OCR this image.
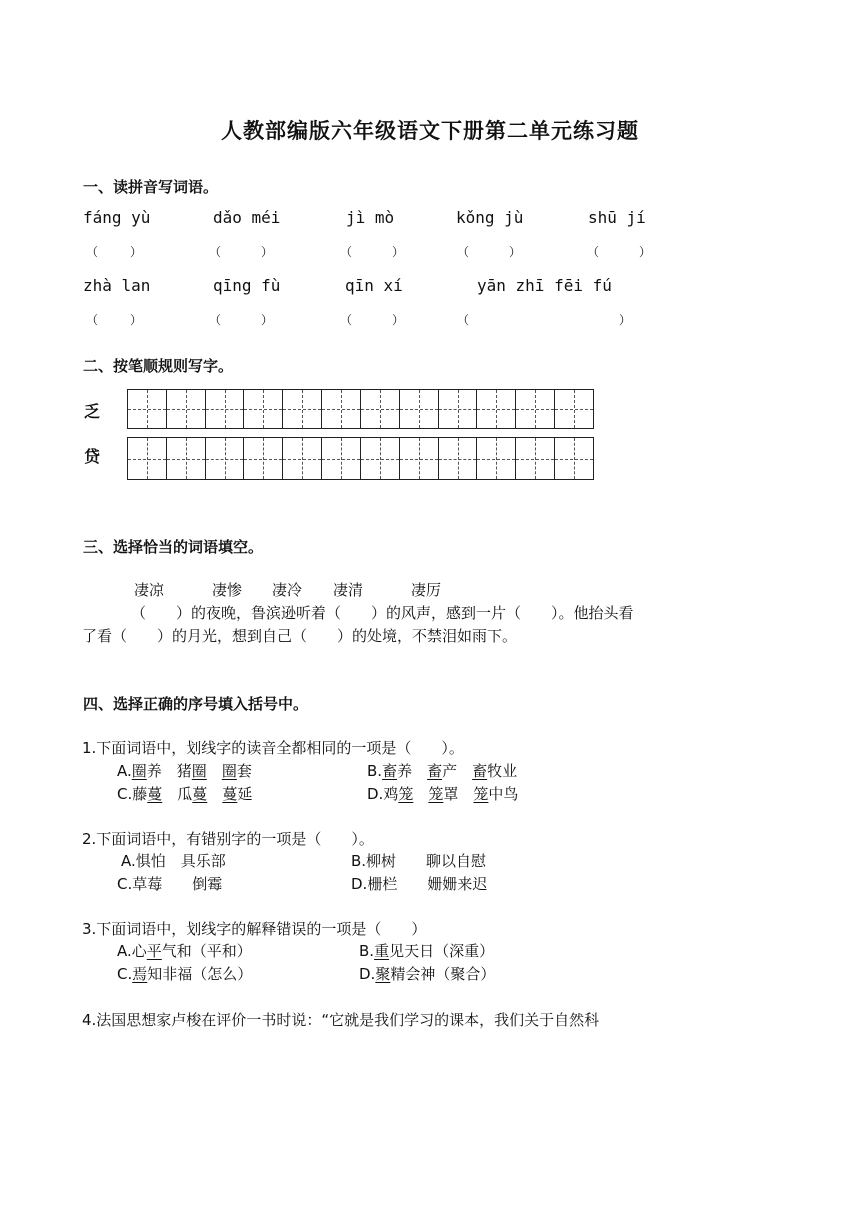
人教部编版六年级语文下册第二单元练习题
一、读拼音写词语。
fáng yù	dǎo méi	jì mò	kǒng jù	shū jí
（	）	（	）	（	）	（	）	（	）
zhà lan	qīng fù	qīn xí	yān zhī fēi fú
（	）	（	）	（	）	（	）
二、按笔顺规则写字。
乏
贷
三、选择恰当的词语填空。
凄凉	凄惨 凄冷 凄清	凄厉
（　　）的夜晚，鲁滨逊听着（　　）的风声，感到一片（　　）。他抬头看
了看（　　）的月光，想到自己（　　）的处境，不禁泪如雨下。
四、选择正确的序号填入括号中。
1.下面词语中，划线字的读音全都相同的一项是（　　）。
A.圈养　猪圈　 圈套	B.畜养　畜产　畜牧业
C.藤蔓　瓜蔓　 蔓延	D.鸡笼　 笼罩　笼中鸟
2.下面词语中，有错别字的一项是（　　）。
A.惧怕　具乐部	B.柳树　　聊以自慰
C.草莓　　倒霉	D.栅栏　　姗姗来迟
3.下面词语中，划线字的解释错误的一项是（　　）
A.心平气和（平和）	B.重见天日（深重）
C.焉知非福（怎么）	D.聚精会神（聚合）
4.法国思想家卢梭在评价一书时说：“它就是我们学习的课本，我们关于自然科
